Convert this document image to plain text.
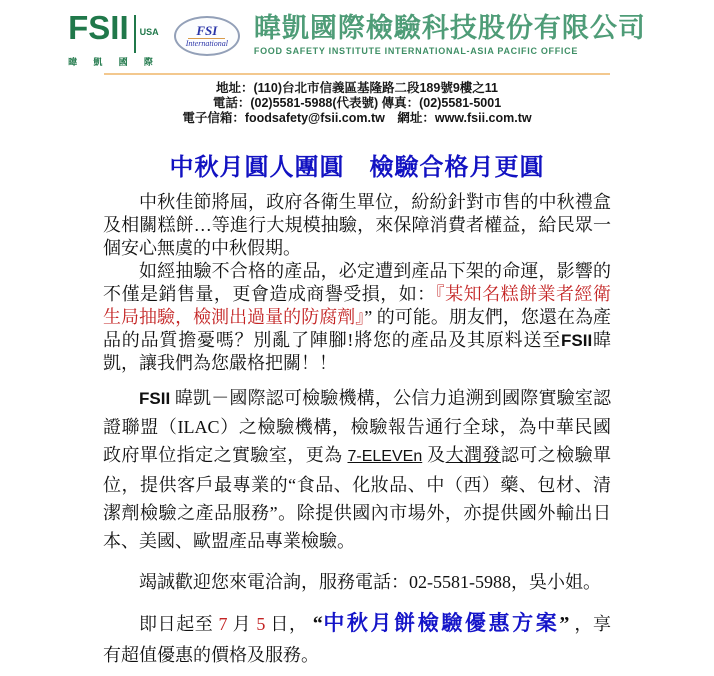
FSII USA
暐 凱 國 際
FSI
International 暐凱國際檢驗科技股份有限公司
FOOD SAFETY INSTITUTE INTERNATIONAL-ASIA PACIFIC OFFICE
地址：(110)台北市信義區基隆路二段189號9樓之11
電話：(02)5581-5988(代表號) 傳真：(02)5581-5001
電子信箱：foodsafety@fsii.com.tw　網址：www.fsii.com.tw
中秋月圓人團圓　檢驗合格月更圓

中秋佳節將屆，政府各衛生單位，紛紛針對市售的中秋禮盒及相關糕餅…等進行大規模抽驗，來保障消費者權益，給民眾一個安心無虞的中秋假期。

如經抽驗不合格的產品，必定遭到產品下架的命運，影響的不僅是銷售量，更會造成商譽受損，如：『某知名糕餅業者經衛生局抽驗，檢測出過量的防腐劑』” 的可能。朋友們，您還在為產品的品質擔憂嗎？別亂了陣腳!將您的產品及其原料送至FSII暐凱，讓我們為您嚴格把關！！

FSII 暐凱－國際認可檢驗機構，公信力追溯到國際實驗室認證聯盟（ILAC）之檢驗機構，檢驗報告通行全球，為中華民國政府單位指定之實驗室，更為 7-ELEVEn 及大潤發認可之檢驗單位，提供客戶最專業的“食品、化妝品、中（西）藥、包材、清潔劑檢驗之產品服務”。除提供國內市場外，亦提供國外輸出日本、美國、歐盟產品專業檢驗。

竭誠歡迎您來電洽詢，服務電話：02-5581-5988，吳小姐。

即日起至 7 月 5 日， “中秋月餅檢驗優惠方案” ，享有超值優惠的價格及服務。
